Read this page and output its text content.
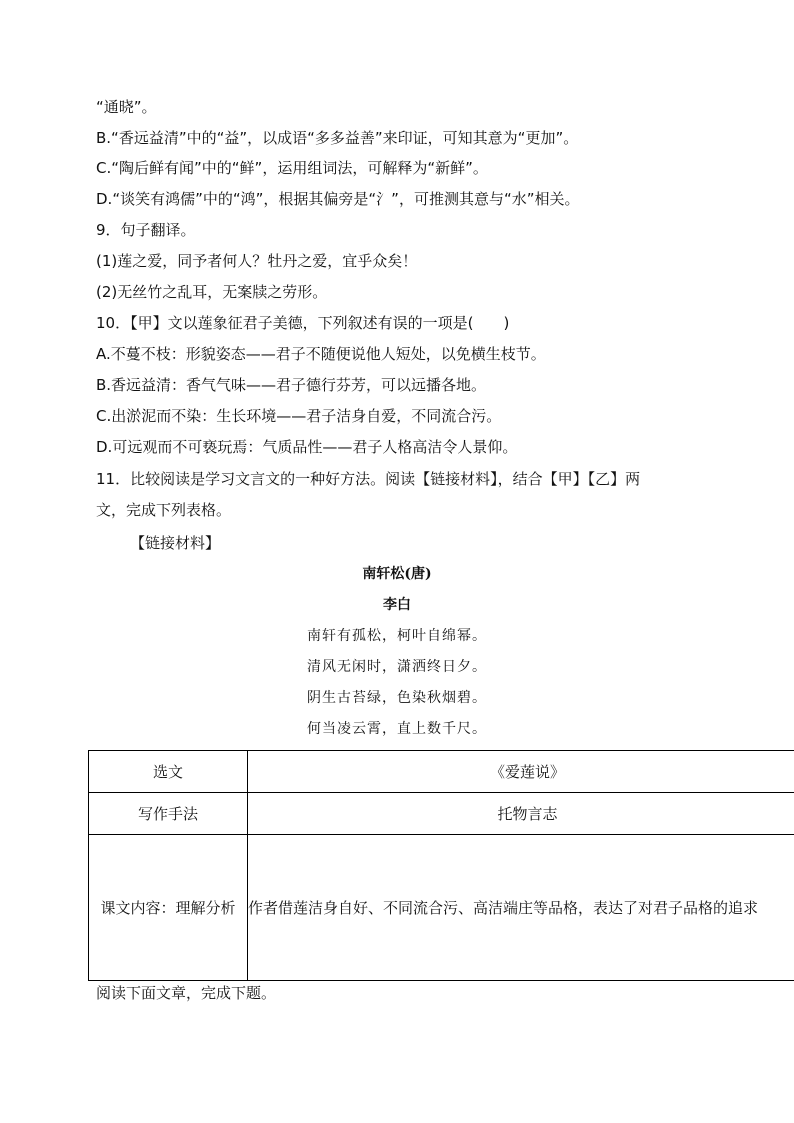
“通晓”。
B.“香远益清”中的“益”，以成语“多多益善”来印证，可知其意为“更加”。
C.“陶后鲜有闻”中的“鲜”，运用组词法，可解释为“新鲜”。
D.“谈笑有鸿儒”中的“鸿”，根据其偏旁是“氵”，可推测其意与“水”相关。
9．句子翻译。
(1)莲之爱，同予者何人？牡丹之爱，宜乎众矣！
(2)无丝竹之乱耳，无案牍之劳形。
10．【甲】文以莲象征君子美德，下列叙述有误的一项是(　　)
A.不蔓不枝：形貌姿态——君子不随便说他人短处，以免横生枝节。
B.香远益清：香气气味——君子德行芬芳，可以远播各地。
C.出淤泥而不染：生长环境——君子洁身自爱，不同流合污。
D.可远观而不可亵玩焉：气质品性——君子人格高洁令人景仰。
11．比较阅读是学习文言文的一种好方法。阅读【链接材料】，结合【甲】【乙】两
文，完成下列表格。
【链接材料】
南轩松(唐)
李白
南轩有孤松，柯叶自绵幂。
清风无闲时，潇洒终日夕。
阴生古苔绿，色染秋烟碧。
何当凌云霄，直上数千尺。
选文	《爱莲说》
写作手法	托物言志
课文内容：理解分析	作者借莲洁身自好、不同流合污、高洁端庄等品格，表达了对君子品格的追求
阅读下面文章，完成下题。
